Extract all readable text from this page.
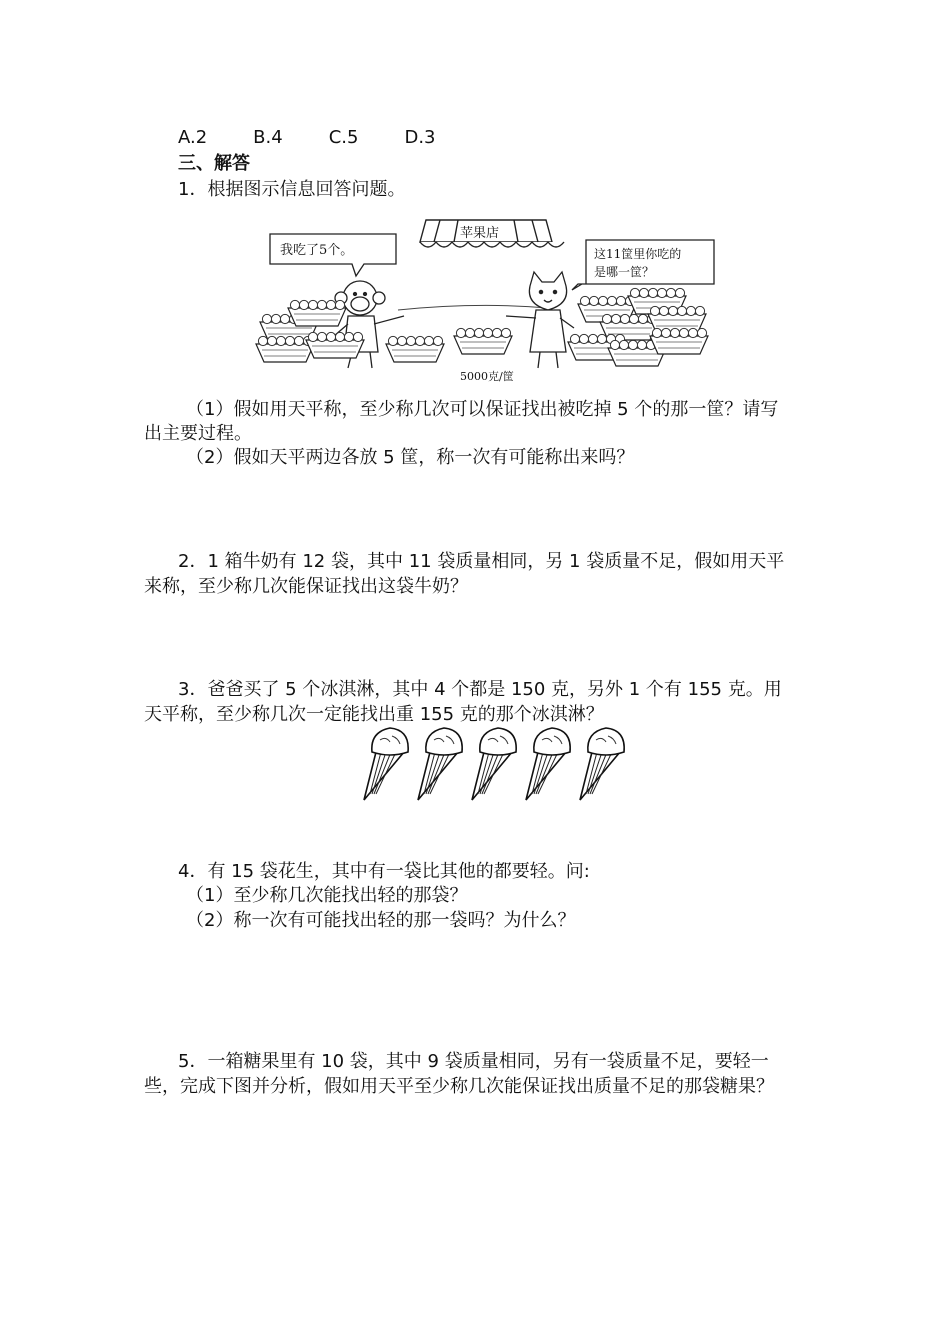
A.2	B.4	C.5	D.3
三、解答
1．根据图示信息回答问题。
苹果店
我吃了5个。	这11筐里你吃的
是哪一筐？
5000克/筐
（1）假如用天平称，至少称几次可以保证找出被吃掉 5 个的那一筐？请写
出主要过程。
（2）假如天平两边各放 5 筐，称一次有可能称出来吗？
2．1 箱牛奶有 12 袋，其中 11 袋质量相同，另 1 袋质量不足，假如用天平
来称，至少称几次能保证找出这袋牛奶？
3．爸爸买了 5 个冰淇淋，其中 4 个都是 150 克，另外 1 个有 155 克。用
天平称，至少称几次一定能找出重 155 克的那个冰淇淋？
4．有 15 袋花生，其中有一袋比其他的都要轻。问:
（1）至少称几次能找出轻的那袋？
（2）称一次有可能找出轻的那一袋吗？为什么？
5．一箱糖果里有 10 袋，其中 9 袋质量相同，另有一袋质量不足，要轻一
些，完成下图并分析，假如用天平至少称几次能保证找出质量不足的那袋糖果？
